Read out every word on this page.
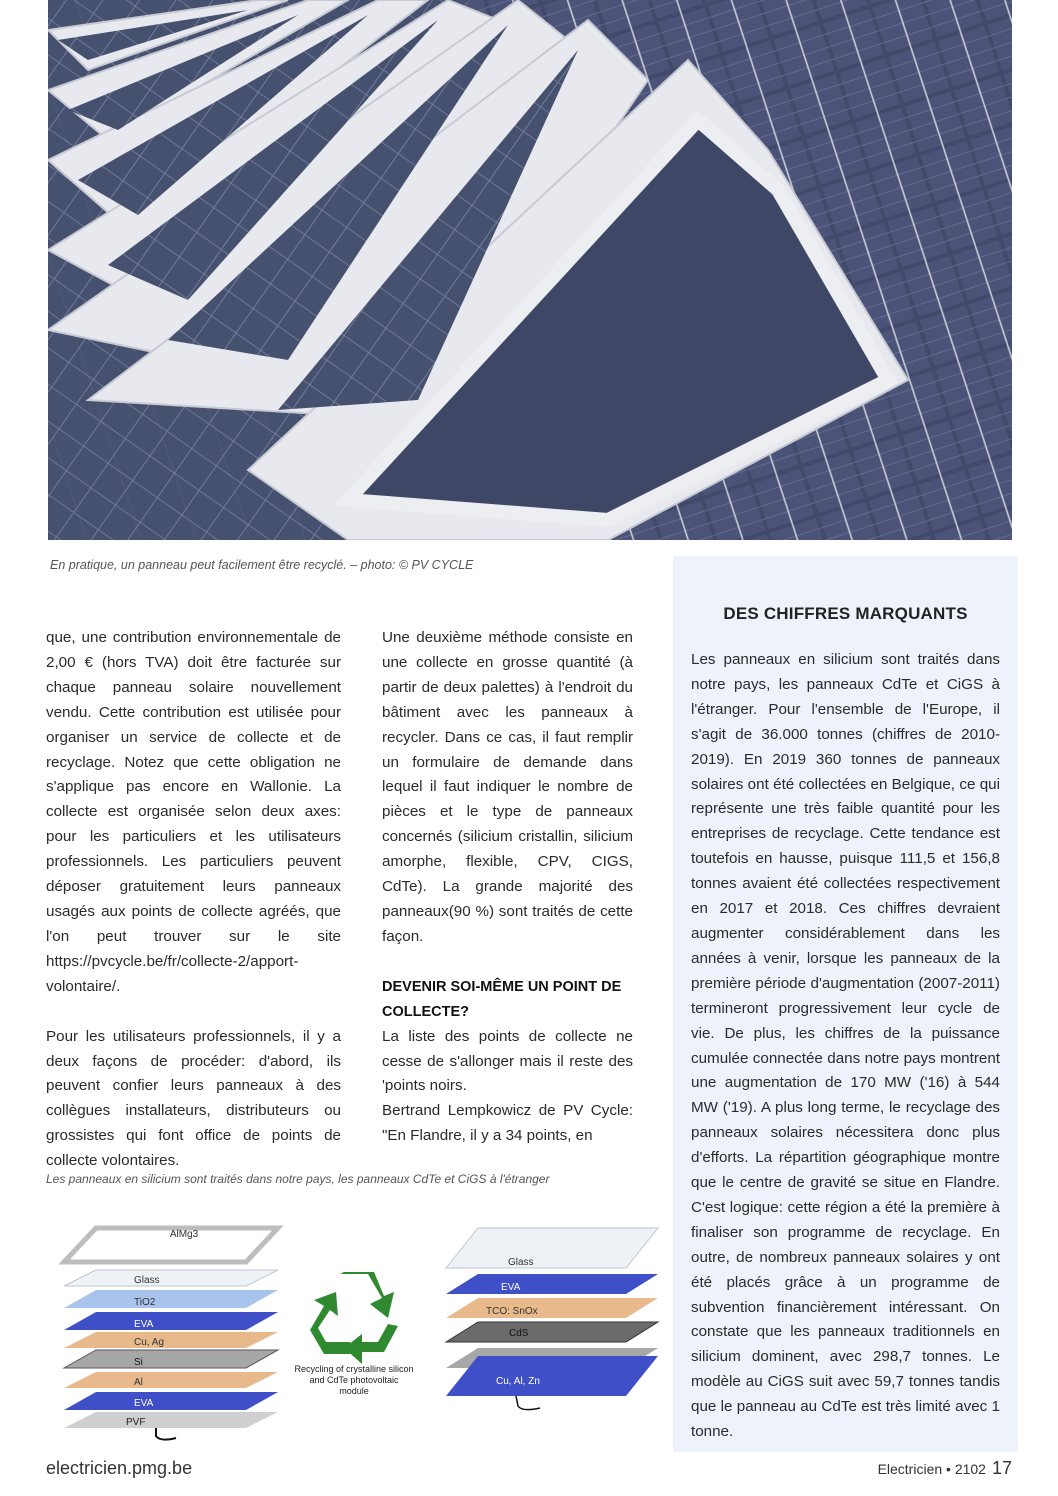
En pratique, un panneau peut facilement être recyclé. – photo: © PV CYCLE

que, une contribution environnementale de 2,00 € (hors TVA) doit être facturée sur chaque panneau solaire nouvellement vendu. Cette contribution est utilisée pour organiser un service de collecte et de recyclage. Notez que cette obligation ne s'applique pas encore en Wallonie. La collecte est organisée selon deux axes: pour les particuliers et les utilisateurs professionnels. Les particuliers peuvent déposer gratuitement leurs panneaux usagés aux points de collecte agréés, que l'on peut trouver sur le site https://pvcycle.be/fr/collecte-2/apport-volontaire/.

Pour les utilisateurs professionnels, il y a deux façons de procéder: d'abord, ils peuvent confier leurs panneaux à des collègues installateurs, distributeurs ou grossistes qui font office de points de collecte volontaires.

Une deuxième méthode consiste en une collecte en grosse quantité (à partir de deux palettes) à l'endroit du bâtiment avec les panneaux à recycler. Dans ce cas, il faut remplir un formulaire de demande dans lequel il faut indiquer le nombre de pièces et le type de panneaux concernés (silicium cristallin, silicium amorphe, flexible, CPV, CIGS, CdTe). La grande majorité des panneaux(90 %) sont traités de cette façon.

DEVENIR SOI-MÊME UN POINT DE COLLECTE?

La liste des points de collecte ne cesse de s'allonger mais il reste des 'points noirs.

Bertrand Lempkowicz de PV Cycle: "En Flandre, il y a 34 points, en

DES CHIFFRES MARQUANTS

Les panneaux en silicium sont traités dans notre pays, les panneaux CdTe et CiGS à l'étranger. Pour l'ensemble de l'Europe, il s'agit de 36.000 tonnes (chiffres de 2010-2019). En 2019 360 tonnes de panneaux solaires ont été collectées en Belgique, ce qui représente une très faible quantité pour les entreprises de recyclage. Cette tendance est toutefois en hausse, puisque 111,5 et 156,8 tonnes avaient été collectées respectivement en 2017 et 2018. Ces chiffres devraient augmenter considérablement dans les années à venir, lorsque les panneaux de la première période d'augmentation (2007-2011) termineront progressivement leur cycle de vie. De plus, les chiffres de la puissance cumulée connectée dans notre pays montrent une augmentation de 170 MW ('16) à 544 MW ('19). A plus long terme, le recyclage des panneaux solaires nécessitera donc plus d'efforts. La répartition géographique montre que le centre de gravité se situe en Flandre. C'est logique: cette région a été la première à finaliser son programme de recyclage. En outre, de nombreux panneaux solaires y ont été placés grâce à un programme de subvention financièrement intéressant. On constate que les panneaux traditionnels en silicium dominent, avec 298,7 tonnes. Le modèle au CiGS suit avec 59,7 tonnes tandis que le panneau au CdTe est très limité avec 1 tonne.

Les panneaux en silicium sont traités dans notre pays, les panneaux CdTe et CiGS à l'étranger
AlMg3
Glass
TiO2
EVA
Cu, Ag
Si
Al
EVA
PVF
Recycling of crystalline silicon and CdTe photovoltaic module
Glass
EVA
TCO: SnOx
CdS
Cu, Al, Zn
electricien.pmg.be	Electricien • 2102 17
